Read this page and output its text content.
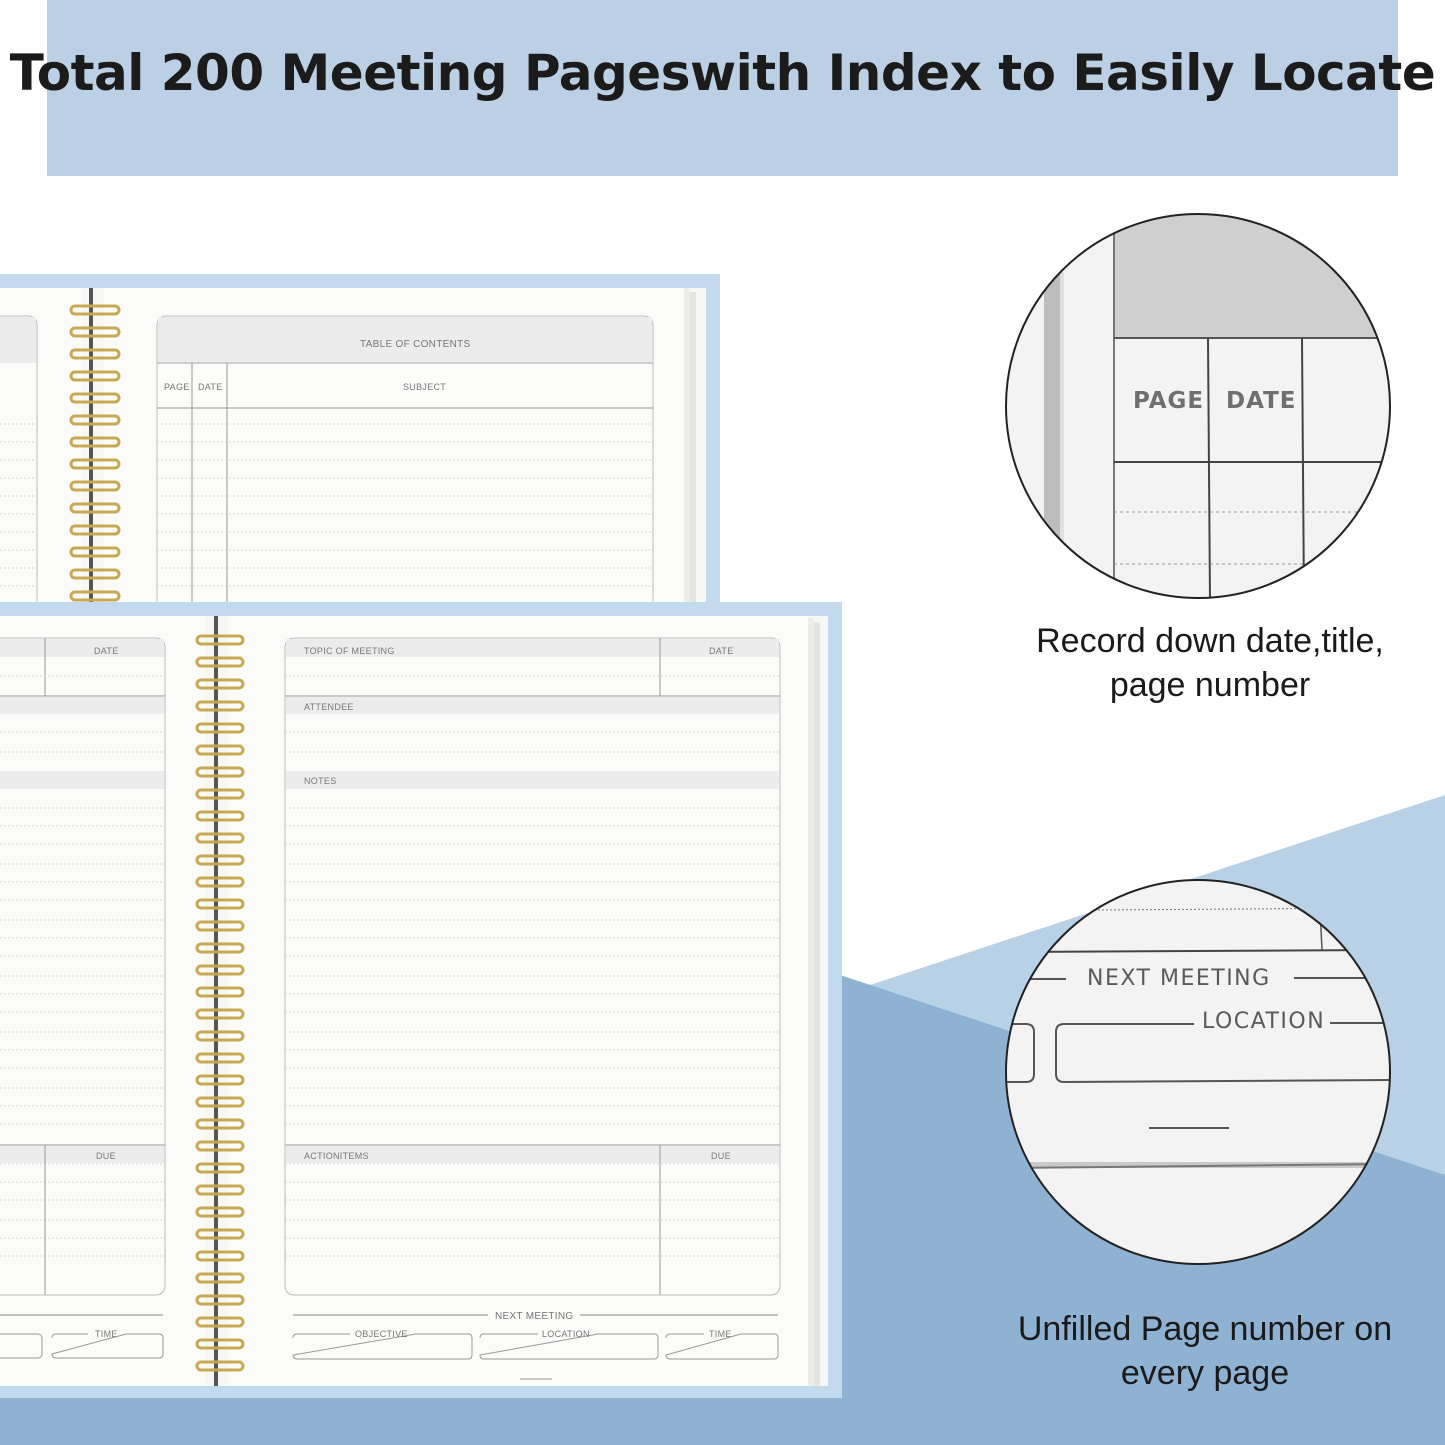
Total 200 Meeting Pageswith Index to Easily Locate
TABLE OF CONTENTS
PAGE DATE	SUBJECT
DATE
DUE
TIME
TOPIC OF MEETING	DATE
ATTENDEE
NOTES
ACTIONITEMS	DUE
NEXT MEETING
OBJECTIVE	LOCATION	TIME
PAGE DATE
Record down date,title,
page number
NEXT MEETING
LOCATION
Unfilled Page number on
every page
